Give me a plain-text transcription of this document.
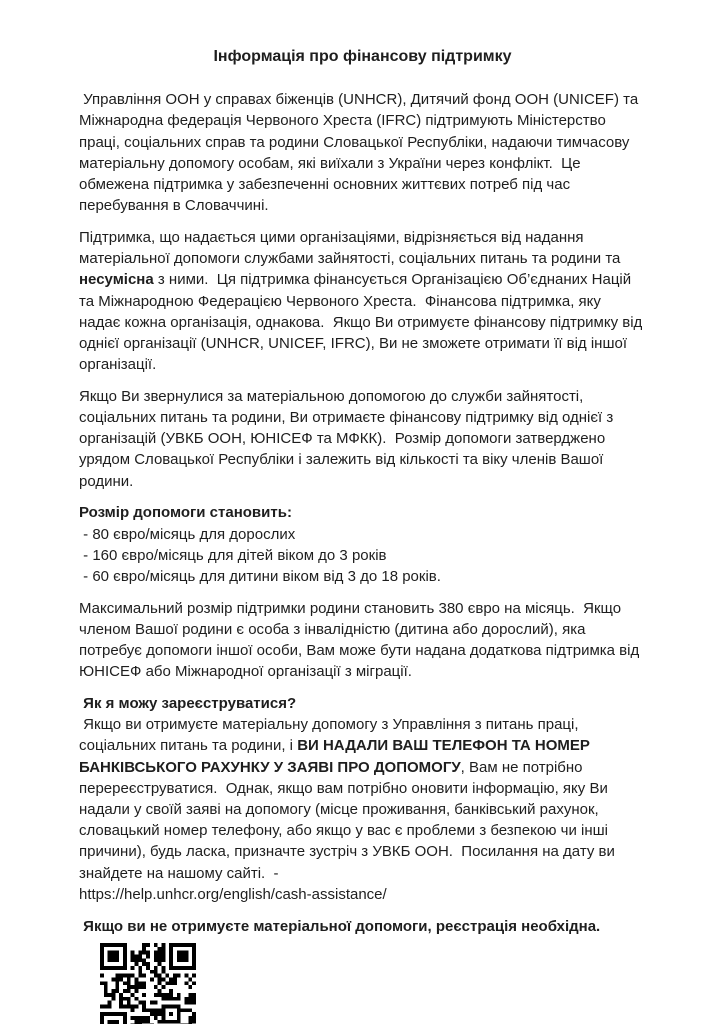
Інформація про фінансову підтримку

Управління ООН у справах біженців (UNHCR), Дитячий фонд ООН (UNICEF) та Міжнародна федерація Червоного Хреста (IFRC) підтримують Міністерство праці, соціальних справ та родини Словацької Республіки, надаючи тимчасову матеріальну допомогу особам, які виїхали з України через конфлікт.  Це обмежена підтримка у забезпеченні основних життєвих потреб під час перебування в Словаччині.

Підтримка, що надається цими організаціями, відрізняється від надання матеріальної допомоги службами зайнятості, соціальних питань та родини та несумісна з ними.  Ця підтримка фінансується Організацією Об’єднаних Націй та Міжнародною Федерацією Червоного Хреста.  Фінансова підтримка, яку надає кожна організація, однакова.  Якщо Ви отримуєте фінансову підтримку від однієї організації (UNHCR, UNICEF, IFRC), Ви не зможете отримати її від іншої організації.

Якщо Ви звернулися за матеріальною допомогою до служби зайнятості, соціальних питань та родини, Ви отримаєте фінансову підтримку від однієї з організацій (УВКБ ООН, ЮНІСЕФ та МФКК).  Розмір допомоги затверджено урядом Словацької Республіки і залежить від кількості та віку членів Вашої родини.

Розмір допомоги становить:

- 80 євро/місяць для дорослих

- 160 євро/місяць для дітей віком до 3 років

- 60 євро/місяць для дитини віком від 3 до 18 років.

Максимальний розмір підтримки родини становить 380 євро на місяць.  Якщо членом Вашої родини є особа з інвалідністю (дитина або дорослий), яка потребує допомоги іншої особи, Вам може бути надана додаткова підтримка від ЮНІСЕФ або Міжнародної організації з міграції.

Як я можу зареєструватися?

Якщо ви отримуєте матеріальну допомогу з Управління з питань праці, соціальних питань та родини, і ВИ НАДАЛИ ВАШ ТЕЛЕФОН ТА НОМЕР БАНКІВСЬКОГО РАХУНКУ У ЗАЯВІ ПРО ДОПОМОГУ, Вам не потрібно перереєструватися.  Однак, якщо вам потрібно оновити інформацію, яку Ви надали у своїй заяві на допомогу (місце проживання, банківський рахунок, словацький номер телефону, або якщо у вас є проблеми з безпекою чи інші причини), будь ласка, призначте зустріч з УВКБ ООН.  Посилання на дату ви знайдете на нашому сайті.  -

https://help.unhcr.org/english/cash-assistance/

Якщо ви не отримуєте матеріальної допомоги, реєстрація необхідна.
